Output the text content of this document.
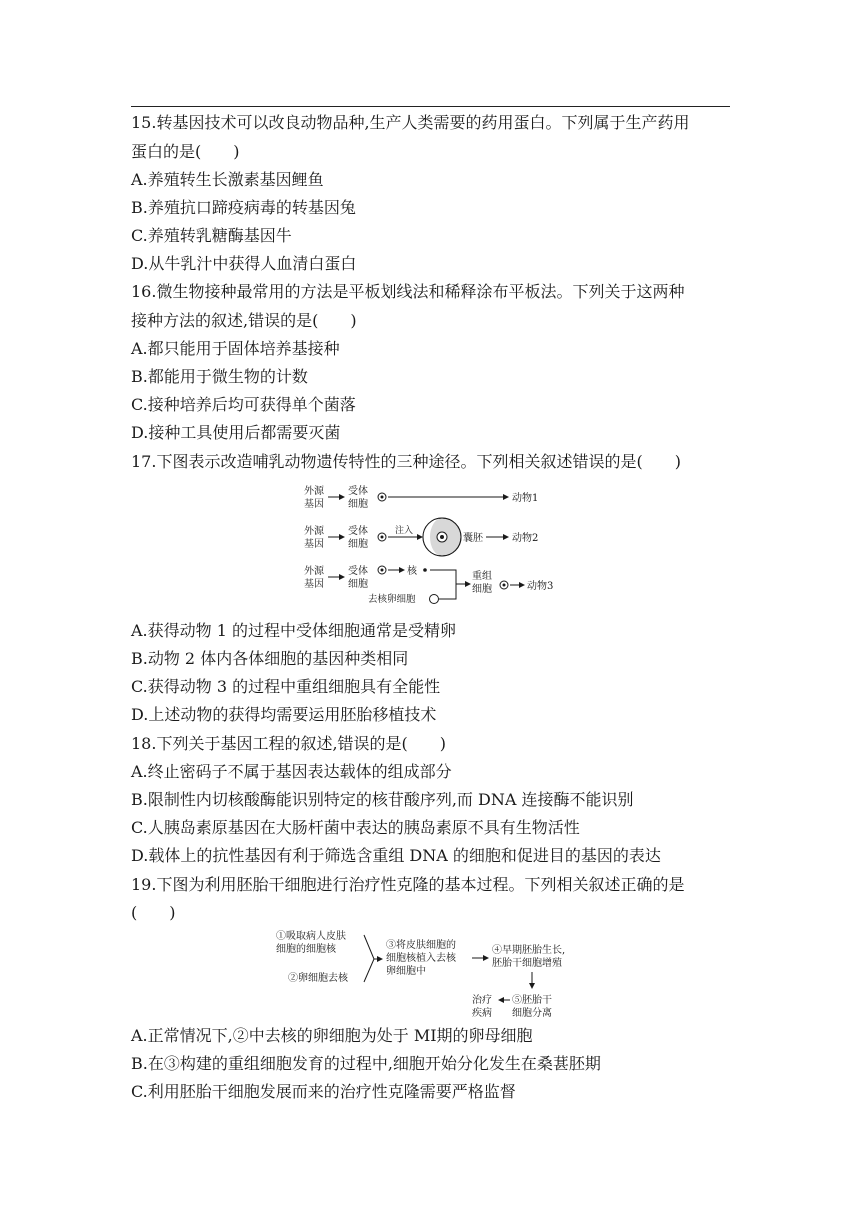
15.转基因技术可以改良动物品种,生产人类需要的药用蛋白。下列属于生产药用
蛋白的是(　　)
A.养殖转生长激素基因鲤鱼
B.养殖抗口蹄疫病毒的转基因兔
C.养殖转乳糖酶基因牛
D.从牛乳汁中获得人血清白蛋白
16.微生物接种最常用的方法是平板划线法和稀释涂布平板法。下列关于这两种
接种方法的叙述,错误的是(　　)
A.都只能用于固体培养基接种
B.都能用于微生物的计数
C.接种培养后均可获得单个菌落
D.接种工具使用后都需要灭菌
17.下图表示改造哺乳动物遗传特性的三种途径。下列相关叙述错误的是(　　)
外源
基因
受体
细胞
动物1
外源
基因
受体
细胞
注入
囊胚	动物2
外源
基因
受体
细胞
核
去核卵细胞
重组
细胞	动物3
A.获得动物 1 的过程中受体细胞通常是受精卵
B.动物 2 体内各体细胞的基因种类相同
C.获得动物 3 的过程中重组细胞具有全能性
D.上述动物的获得均需要运用胚胎移植技术
18.下列关于基因工程的叙述,错误的是(　　)
A.终止密码子不属于基因表达载体的组成部分
B.限制性内切核酸酶能识别特定的核苷酸序列,而 DNA 连接酶不能识别
C.人胰岛素原基因在大肠杆菌中表达的胰岛素原不具有生物活性
D.载体上的抗性基因有利于筛选含重组 DNA 的细胞和促进目的基因的表达
19.下图为利用胚胎干细胞进行治疗性克隆的基本过程。下列相关叙述正确的是
(　　)
①吸取病人皮肤
细胞的细胞核
②卵细胞去核
③将皮肤细胞的
细胞核植入去核
卵细胞中
④早期胚胎生长,
胚胎干细胞增殖
⑤胚胎干
细胞分离
治疗
疾病
A.正常情况下,②中去核的卵细胞为处于 MⅠ期的卵母细胞
B.在③构建的重组细胞发育的过程中,细胞开始分化发生在桑葚胚期
C.利用胚胎干细胞发展而来的治疗性克隆需要严格监督
